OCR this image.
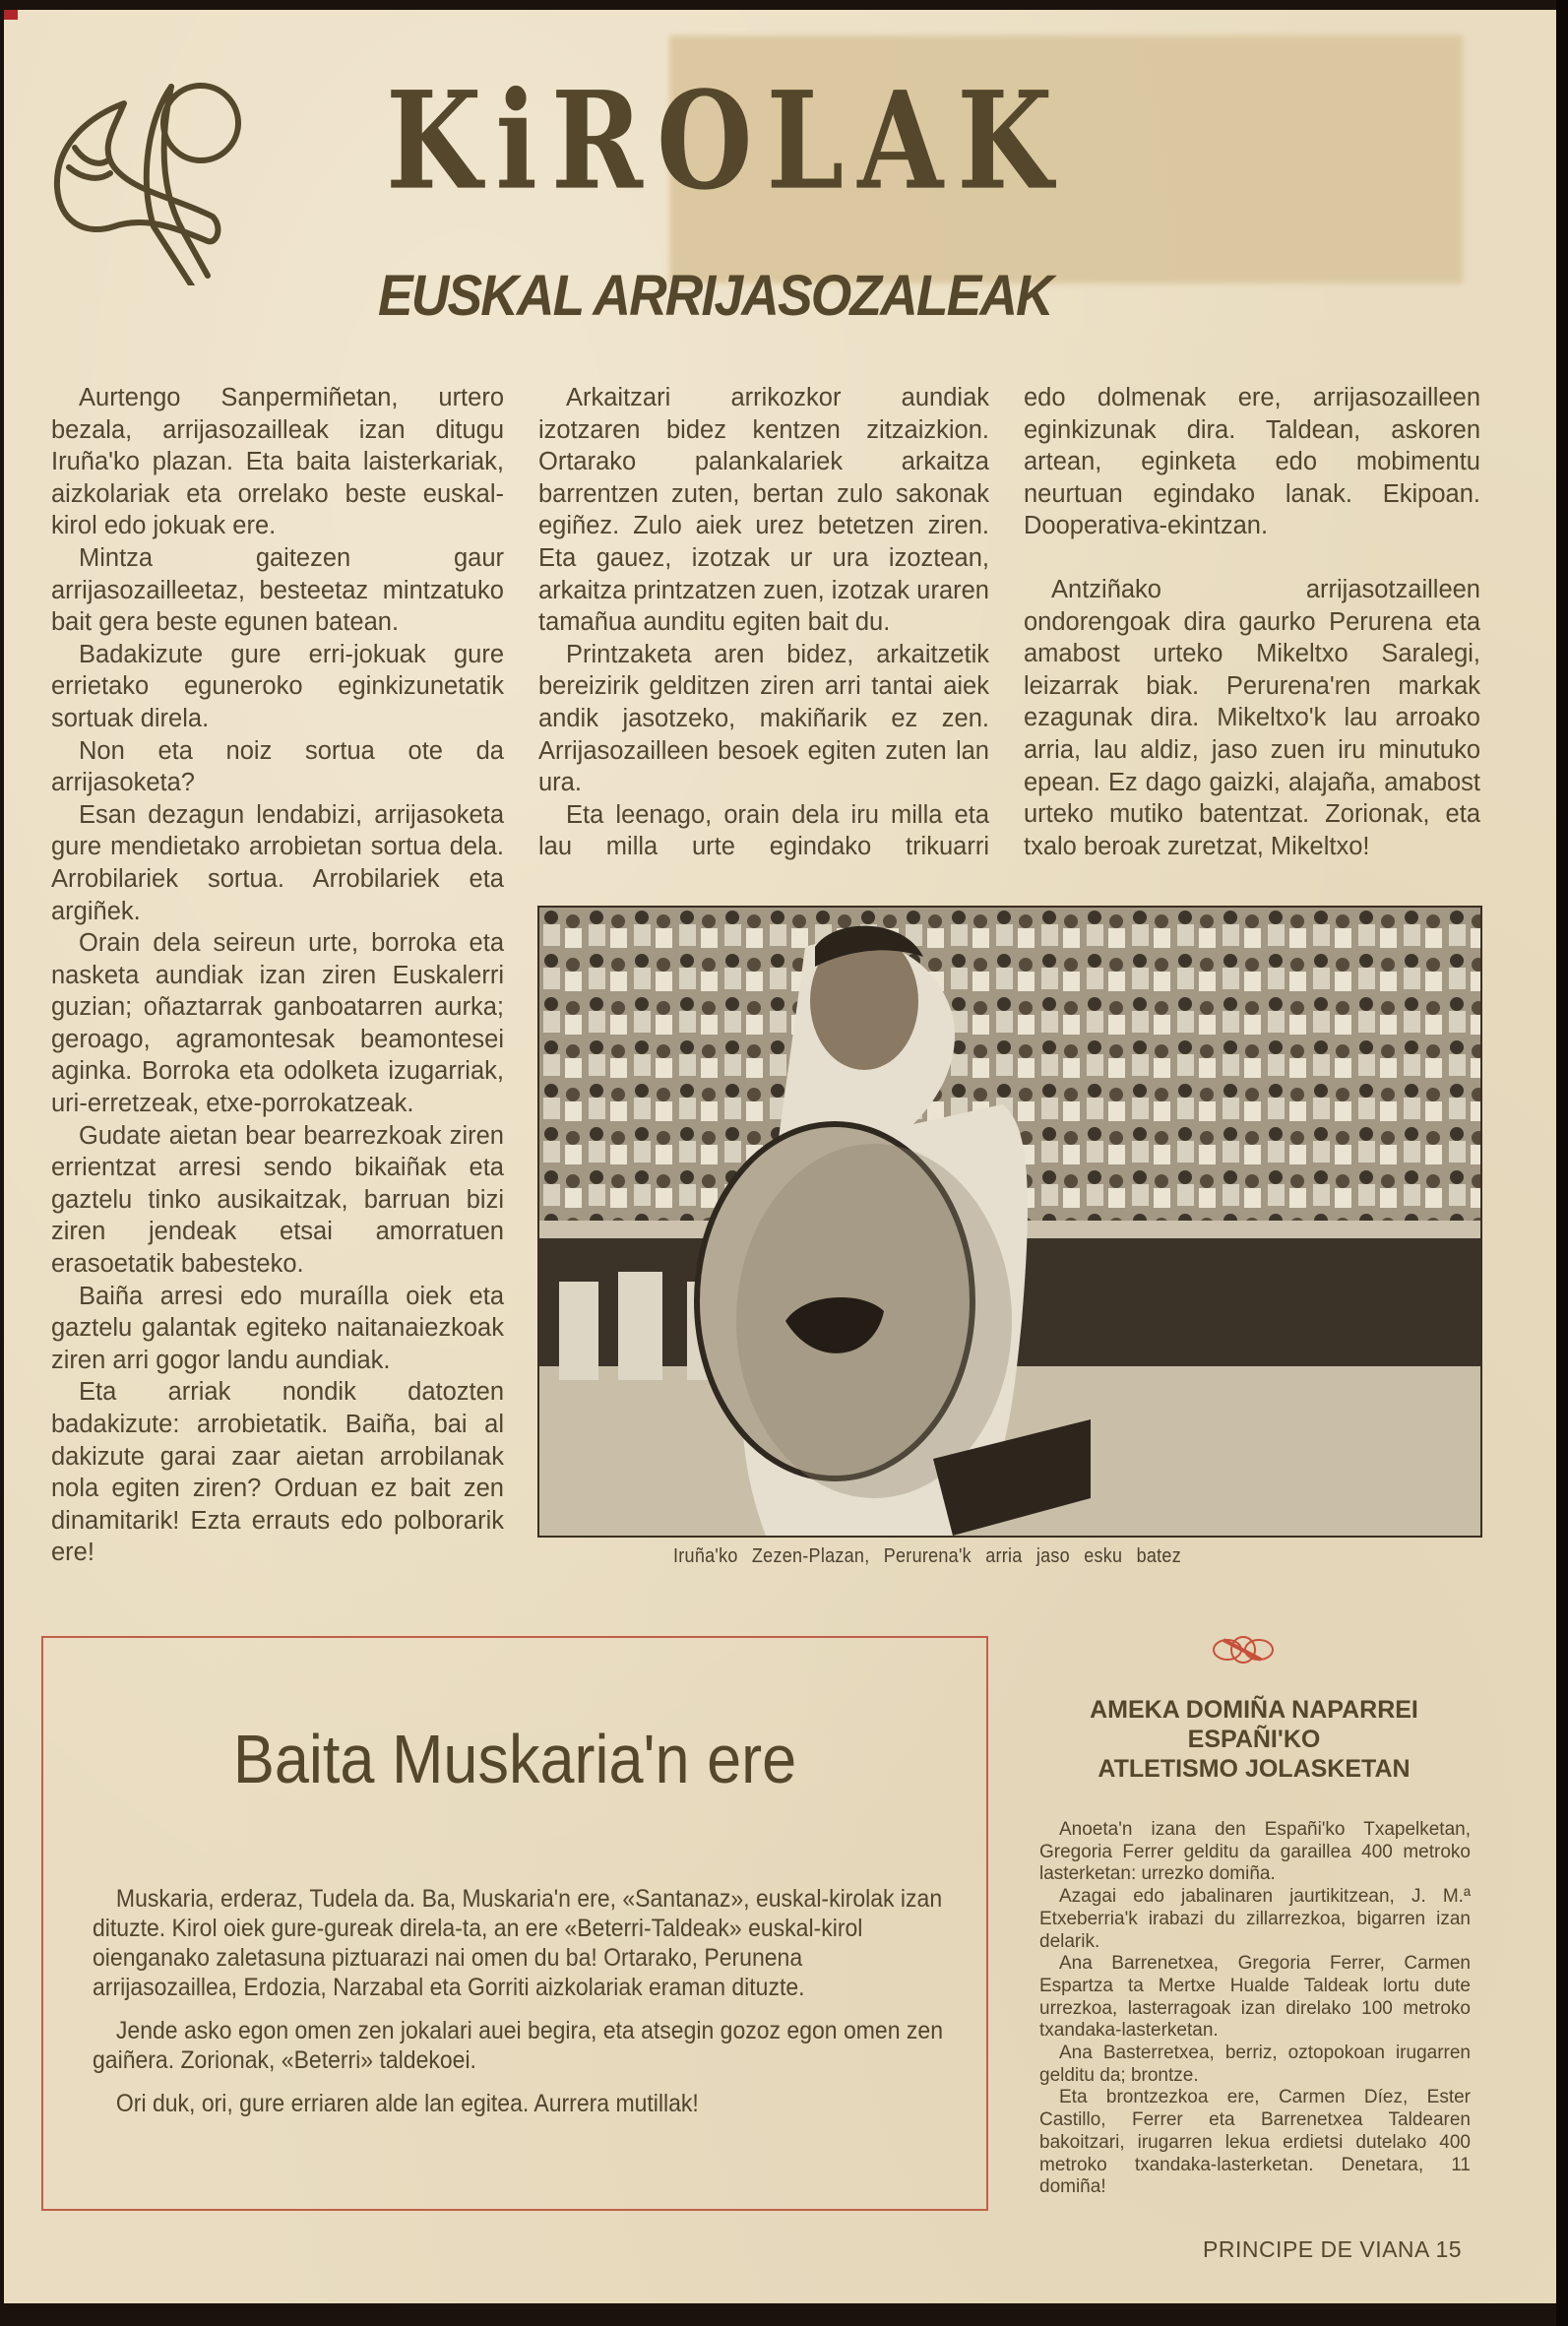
KiROLAK
EUSKAL ARRIJASOZALEAK

Aurtengo Sanpermiñetan, urtero bezala, arrijasozailleak izan ditugu Iruña'ko plazan. Eta baita laisterkariak, aizkolariak eta orrelako beste euskal-kirol edo jokuak ere.

Mintza gaitezen gaur arrijasozailleetaz, besteetaz mintzatuko bait gera beste egunen batean.

Badakizute gure erri-jokuak gure errietako eguneroko eginkizunetatik sortuak direla.

Non eta noiz sortua ote da arrijasoketa?

Esan dezagun lendabizi, arrijasoketa gure mendietako arrobietan sortua dela. Arrobilariek sortua. Arrobilariek eta argiñek.

Orain dela seireun urte, borroka eta nasketa aundiak izan ziren Euskalerri guzian; oñaztarrak ganboatarren aurka; geroago, agramontesak beamontesei aginka. Borroka eta odolketa izugarriak, uri-erretzeak, etxe-porrokatzeak.

Gudate aietan bear bearrezkoak ziren errientzat arresi sendo bikaiñak eta gaztelu tinko ausikaitzak, barruan bizi ziren jendeak etsai amorratuen erasoetatik babesteko.

Baiña arresi edo muraílla oiek eta gaztelu galantak egiteko naitanaiezkoak ziren arri gogor landu aundiak.

Eta arriak nondik datozten badakizute: arrobietatik. Baiña, bai al dakizute garai zaar aietan arrobilanak nola egiten ziren? Orduan ez bait zen dinamitarik! Ezta errauts edo polborarik ere!

Arkaitzari arrikozkor aundiak izotzaren bidez kentzen zitzaizkion. Ortarako palankalariek arkaitza barrentzen zuten, bertan zulo sakonak egiñez. Zulo aiek urez betetzen ziren. Eta gauez, izotzak ur ura izoztean, arkaitza printzatzen zuen, izotzak uraren tamañua aunditu egiten bait du.

Printzaketa aren bidez, arkaitzetik bereizirik gelditzen ziren arri tantai aiek andik jasotzeko, makiñarik ez zen. Arrijasozailleen besoek egiten zuten lan ura.

Eta leenago, orain dela iru milla eta lau milla urte egindako trikuarri

edo dolmenak ere, arrijasozailleen eginkizunak dira. Taldean, askoren artean, eginketa edo mobimentu neurtuan egindako lanak. Ekipoan. Dooperativa-ekintzan.

Antziñako arrijasotzailleen ondorengoak dira gaurko Perurena eta amabost urteko Mikeltxo Saralegi, leizarrak biak. Perurena'ren markak ezagunak dira. Mikeltxo'k lau arroako arria, lau aldiz, jaso zuen iru minutuko epean. Ez dago gaizki, alajaña, amabost urteko mutiko batentzat. Zorionak, eta txalo beroak zuretzat, Mikeltxo!

Iruña'ko Zezen-Plazan, Perurena'k arria jaso esku batez
Baita Muskaria'n ere

Muskaria, erderaz, Tudela da. Ba, Muskaria'n ere, «Santanaz», euskal-kirolak izan dituzte. Kirol oiek gure-gureak direla-ta, an ere «Beterri-Taldeak» euskal-kirol oienganako zaletasuna piztuarazi nai omen du ba! Ortarako, Perunena arrijasozaillea, Erdozia, Narzabal eta Gorriti aizkolariak eraman dituzte.

Jende asko egon omen zen jokalari auei begira, eta atsegin gozoz egon omen zen gaiñera. Zorionak, «Beterri» taldekoei.

Ori duk, ori, gure erriaren alde lan egitea. Aurrera mutillak!

AMEKA DOMIÑA NAPARREI
ESPAÑI'KO
ATLETISMO JOLASKETAN

Anoeta'n izana den Españi'ko Txapelketan, Gregoria Ferrer gelditu da garaillea 400 metroko lasterketan: urrezko domiña.

Azagai edo jabalinaren jaurtikitzean, J. M.ª Etxeberria'k irabazi du zillarrezkoa, bigarren izan delarik.

Ana Barrenetxea, Gregoria Ferrer, Carmen Espartza ta Mertxe Hualde Taldeak lortu dute urrezkoa, lasterragoak izan direlako 100 metroko txandaka-lasterketan.

Ana Basterretxea, berriz, oztopokoan irugarren gelditu da; brontze.

Eta brontzezkoa ere, Carmen Díez, Ester Castillo, Ferrer eta Barrenetxea Taldearen bakoitzari, irugarren lekua erdietsi dutelako 400 metroko txandaka-lasterketan. Denetara, 11 domiña!

PRINCIPE DE VIANA 15
